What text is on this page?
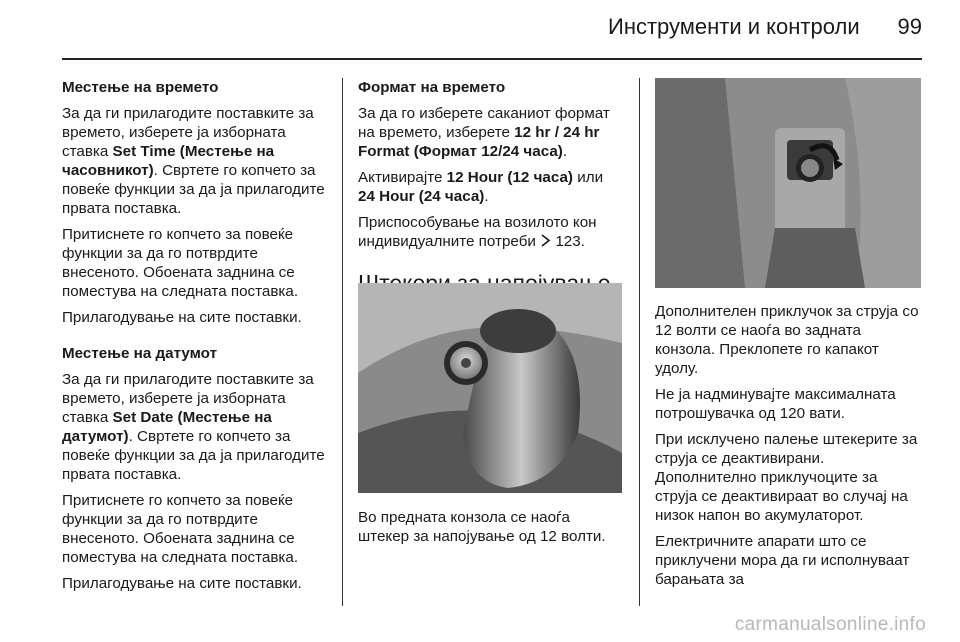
Инструменти и контроли 99

Местење на времето

За да ги прилагодите поставките за времето, изберете ја изборната ставка Set Time (Местење на часовникот). Свртете го копчето за повеќе функции за да ја прилагодите првата поставка.

Притиснете го копчето за повеќе функции за да го потврдите внесеното. Обоената заднина се поместува на следната поставка.

Прилагодување на сите поставки.

Местење на датумот

За да ги прилагодите поставките за времето, изберете ја изборната ставка Set Date (Местење на датумот). Свртете го копчето за повеќе функции за да ја прилагодите првата поставка.

Притиснете го копчето за повеќе функции за да го потврдите внесеното. Обоената заднина се поместува на следната поставка.

Прилагодување на сите поставки.

Формат на времето

За да го изберете саканиот формат на времето, изберете 12 hr / 24 hr Format (Формат 12/24 часа).

Активирајте 12 Hour (12 часа) или 24 Hour (24 часа).

Приспособување на возилото кон индивидуалните потреби  123.

Во предната конзола се наоѓа штекер за напојување од 12 волти.

Дополнителен приклучок за струја со 12 волти се наоѓа во задната конзола. Преклопете го капакот удолу.

Не ја надминувајте максималната потрошувачка од 120 вати.

При исклучено палење штекерите за струја се деактивирани. Дополнително приклучоците за струја се деактивираат во случај на низок напон во акумулаторот.

Електричните апарати што се приклучени мора да ги исполнуваат барањата за

carmanualsonline.info
